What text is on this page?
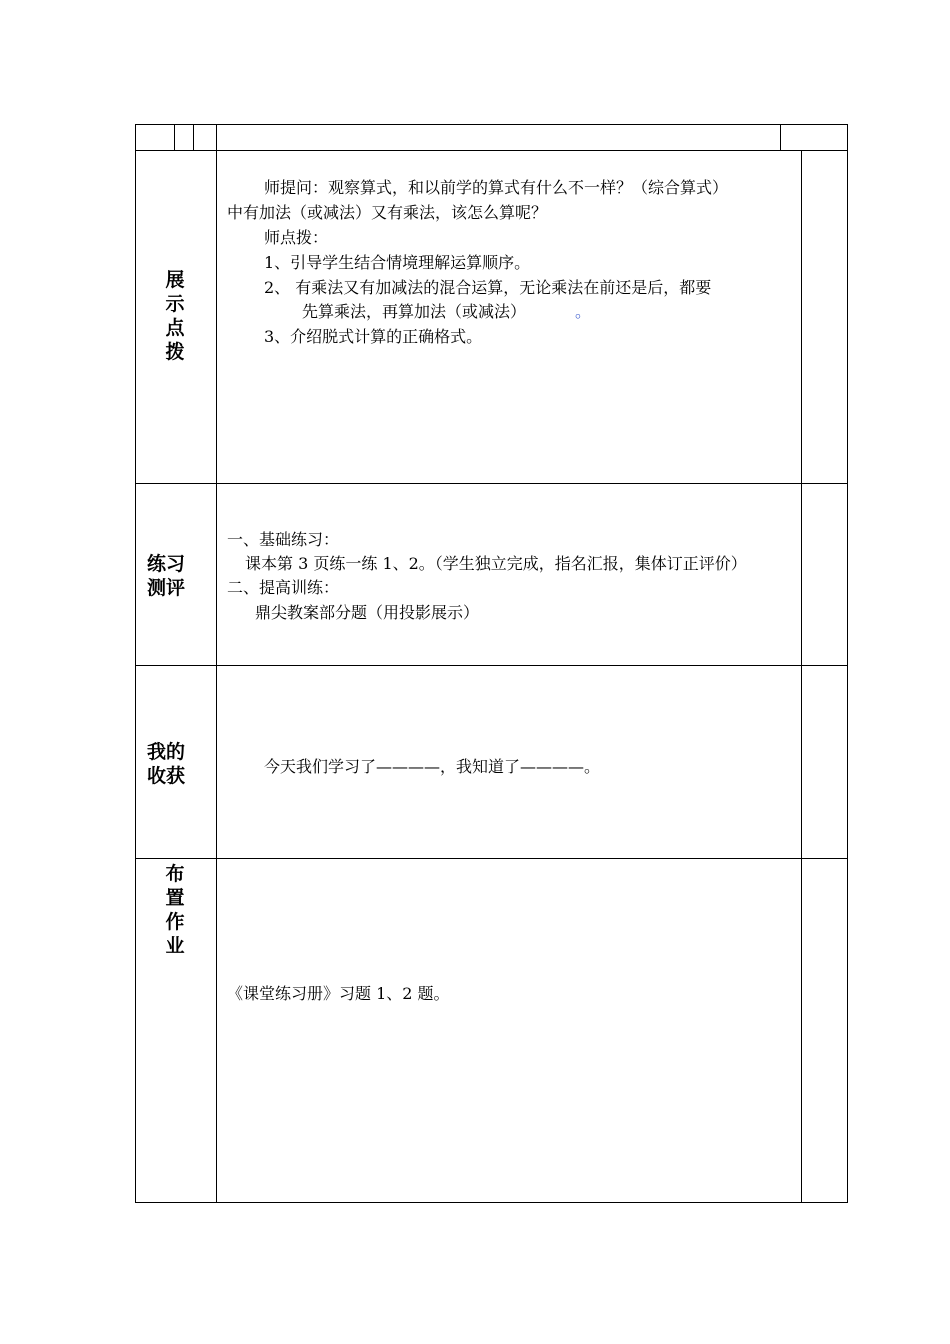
展
示
点
拨
师提问：观察算式，和以前学的算式有什么不一样？（综合算式）
中有加法（或减法）又有乘法，该怎么算呢？
师点拨：
1、引导学生结合情境理解运算顺序。
2、 有乘法又有加减法的混合运算，无论乘法在前还是后，都要
先算乘法，再算加法（或减法）	。
3、介绍脱式计算的正确格式。
练习
测评
一、基础练习：
课本第 3 页练一练 1、2。（学生独立完成，指名汇报，集体订正评价）
二、提高训练：
鼎尖教案部分题（用投影展示）
我的
收获	今天我们学习了————，我知道了————。
布
置
作
业
《课堂练习册》习题 1、2 题。
